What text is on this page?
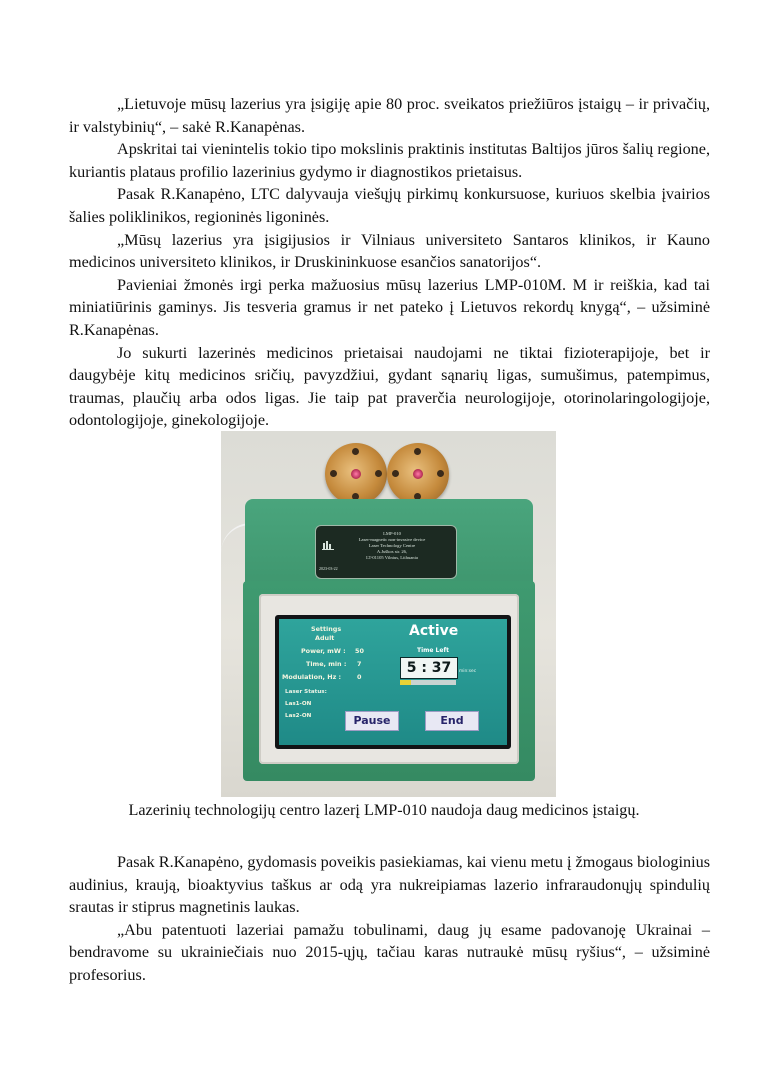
„Lietuvoje mūsų lazerius yra įsigiję apie 80 proc. sveikatos priežiūros įstaigų – ir privačių, ir valstybinių“, – sakė R.Kanapėnas.

Apskritai tai vienintelis tokio tipo mokslinis praktinis institutas Baltijos jūros šalių regione, kuriantis plataus profilio lazerinius gydymo ir diagnostikos prietaisus.

Pasak R.Kanapėno, LTC dalyvauja viešųjų pirkimų konkursuose, kuriuos skelbia įvairios šalies poliklinikos, regioninės ligoninės.

„Mūsų lazerius yra įsigijusios ir Vilniaus universiteto Santaros klinikos, ir Kauno medicinos universiteto klinikos, ir Druskininkuose esančios sanatorijos“.

Pavieniai žmonės irgi perka mažuosius mūsų lazerius LMP-010M. M ir reiškia, kad tai miniatiūrinis gaminys. Jis tesveria gramus ir net pateko į Lietuvos rekordų knygą“, – užsiminė R.Kanapėnas.

Jo sukurti lazerinės medicinos prietaisai naudojami ne tiktai fizioterapijoje, bet ir daugybėje kitų medicinos sričių, pavyzdžiui, gydant sąnarių ligas, sumušimus, patempimus, traumas, plaučių arba odos ligas. Jie taip pat praverčia neurologijoje, otorinolaringologijoje, odontologijoje, ginekologijoje.

LMP-010
Laser-magnetic non-invasive device
Laser Technology Centre
A.Juškos str. 26,
LT-01105 Vilnius, Lithuania
2023-03-22
Settings
Adult
Power, mW : 50
Time, min : 7
Modulation, Hz : 0
Laser Status:
Las1-ON
Las2-ON
Active
Time Left
5 : 37	min:sec
Pause	End
Lazerinių technologijų centro lazerį LMP-010 naudoja daug medicinos įstaigų.

Pasak R.Kanapėno, gydomasis poveikis pasiekiamas, kai vienu metu į žmogaus biologinius audinius, kraują, bioaktyvius taškus ar odą yra nukreipiamas lazerio infraraudonųjų spindulių srautas ir stiprus magnetinis laukas.

„Abu patentuoti lazeriai pamažu tobulinami, daug jų esame padovanoję Ukrainai – bendravome su ukrainiečiais nuo 2015-ųjų, tačiau karas nutraukė mūsų ryšius“, – užsiminė profesorius.
